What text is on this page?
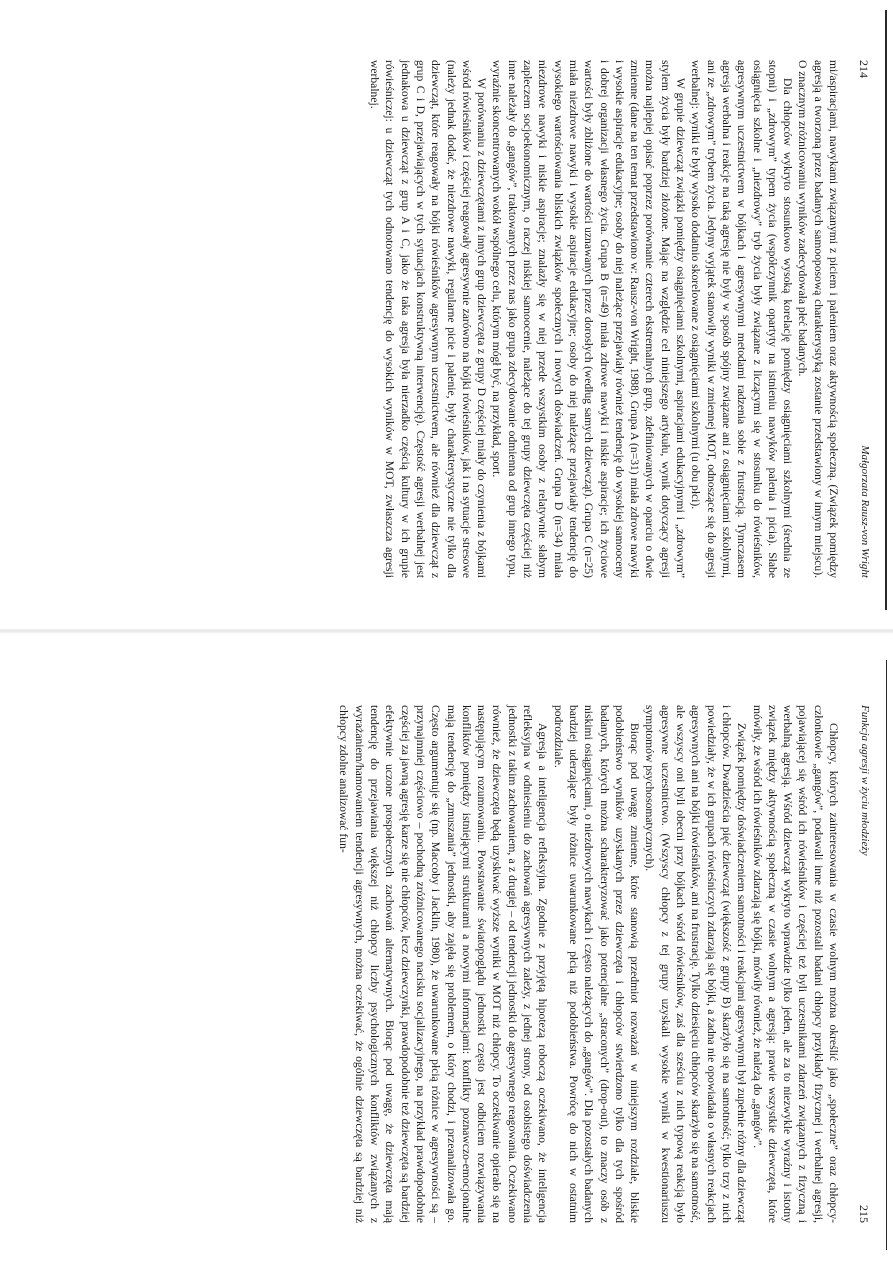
214
Małgorzata Rausz-von Wright

mi/aspiracjami, nawykami związanymi z piciem i paleniem oraz aktywnością społeczną. (Związek pomiędzy agresją a tworzoną przez badanych samooposową charakterystyką zostanie przedstawiony w innym miejscu). O znacznym zróżnicowaniu wyników zadecydowała płeć badanych.

Dla chłopców wykryto stosunkowo wysoką korelację pomiędzy osiągnięciami szkolnymi (średnia ze stopni) i „zdrowym” typem życia (współczynnik opartyty na istnieniu nawyków palenia i picia). Słabe osiągnięcia szkolne i „niezdrowy” tryb życia były związane z liczącymi się w stosunku do rówieśników, agresywnym uczestnictwem w bójkach i agresywnymi metodami radzenia sobie z frustracją. Tymczasem agresja werbalna i reakcje na taką agresję nie były w sposób spójny związane ani z osiągnięciami szkolnymi, ani ze „zdrowym” trybem życia. Jedyny wyjątek stanowiły wyniki w zmiennej MOT, odnoszące się do agresji werbalnej: wyniki te były wysoko dodatnio skorelowane z osiągnięciami szkolnymi (u obu płci).

W grupie dziewcząt związki pomiędzy osiągnięciami szkolnymi, aspiracjami edukacyjnymi i „zdrowym” stylem życia były bardziej złożone. Mając na względzie cel niniejszego artykułu, wynik dotyczący agresji można najlepiej opisać poprzez porównanie czterech ekstremalnych grup, zdefiniowanych w oparciu o dwie zmienne (dane na ten temat przedstawiono w: Rausz-von Wright, 1988). Grupa A (n=31) miała zdrowe nawyki i wysokie aspiracje edukacyjne; osoby do niej należące przejawiały również tendencję do wysokiej samooceny i dobrej organizacji własnego życia. Grupa B (n=49) miała zdrowe nawyki i niskie aspiracje; ich życiowe wartości były zbliżone do wartości uznawanych przez dorosłych (według samych dziewcząt). Grupa C (n=25) miała niezdrowe nawyki i wysokie aspiracje edukacyjne; osoby do niej należące przejawiały tendencję do wysokiego wartościowania bliskich związków społecznych i nowych doświadczeń. Grupa D (n=34) miała niezdrowe nawyki i niskie aspiracje; znalazły się w niej przede wszystkim osoby z relatywnie słabym zapleczem socjoekonomicznym, o raczej niskiej samoocenie, należące do tej grupy dziewczęta częściej niż inne należały do „gangów”, traktowanych przez nas jako grupa zdecydowanie odmienna od grup innego typu, wyraźnie skoncentrowanych wokół wspólnego celu, którym mógł być, na przykład, sport.

W porównaniu z dziewczętami z innych grup dziewczęta z grupy D częściej miały do czynienia z bójkami wśród rówieśników i częściej reagowały agresywnie zarówno na bójki rówieśników, jak i na sytuacje stresowe (należy jednak dodać, że niezdrowe nawyki, regularne picie i palenie, były charakterystyczne nie tylko dla dziewcząt, które reagowały na bójki rówieśników agresywnym uczestnictwem, ale również dla dziewcząt z grup C i D, przejawiających w tych sytuacjach konstruktywną interwencję). Częstość agresji werbalnej jest jednakowa u dziewcząt z grup A i C, jako że taka agresja była nierzadko częścią kultury w ich grupie rówieśniczej: u dziewcząt tych odnotowano tendencję do wysokich wyników w MOT, zwłaszcza agresji werbalnej.

Funkcja agresji w życiu młodzieży
215

Chłopcy, których zainteresowania w czasie wolnym można określić jako „społeczne” oraz chłopcy-członkowie „gangów”, podawali inne niż pozostali badani chłopcy przykłady fizycznej i werbalnej agresji, pojawiającej się wśród ich rówieśników i częściej też byli uczestnikami zdarzeń związanych z fizyczną i werbalną agresją. Wśród dziewcząt wykryto wprawdzie tylko jeden, ale za to niezwykle wyraźny i istotny związek między aktywnością społeczną w czasie wolnym a agresją: prawie wszystkie dziewczęta, które mówiły, że wśród ich rówieśników zdarzają się bójki, mówiły również, że należą do „gangów”.

Związek pomiędzy doświadczeniem samotności i reakcjami agresywnymi był zupełnie różny dla dziewcząt i chłopców. Dwadzieścia pięć dziewcząt (większość z grupy B) skarżyło się na samotność; tylko trzy z nich powiedziały, że w ich grupach rówieśniczych zdarzają się bójki, a żadna nie opowiadała o własnych reakcjach agresywnych ani na bójki rówieśników, ani na frustrację. Tylko dziesięciu chłopców skarżyło się na samotność, ale wszyscy oni byli obecni przy bójkach wśród rówieśników, zaś dla sześciu z nich typową reakcją było agresywne uczestnictwo. (Wszyscy chłopcy z tej grupy uzyskali wysokie wyniki w kwestionariuszu symptomów psychosomatycznych).

Biorąc pod uwagę zmienne, które stanowią przedmiot rozważań w niniejszym rozdziale, bliskie podobieństwo wyników uzyskanych przez dziewczęta i chłopców stwierdzono tylko dla tych spośród badanych, których można scharakteryzować jako potencjalne „straconych” (drop-out), to znaczy osób z niskimi osiągnięciami, o niezdrowych nawykach i często należących do „gangów”. Dla pozostałych badanych bardziej uderzające były różnice uwarunkowane płcią niż podobieństwa. Powrócę do nich w ostatnim podrozdziale.

Agresja a inteligencja refleksyjna. Zgodnie z przyjętą hipotezą roboczą oczekiwano, że inteligencja refleksyjna w odniesieniu do zachowań agresywnych zależy, z jednej strony, od osobistego doświadczenia jednostki z takim zachowaniem, a z drugiej – od tendencji jednostki do agresywnego reagowania. Oczekiwano również, że dziewczęta będą uzyskiwać wyższe wyniki w MOT niż chłopcy. To oczekiwanie opierało się na następującym rozumowaniu. Powstawanie światopoglądu jednostki często jest odbiciem rozwiązywania konfliktów pomiędzy istniejącymi strukturami a nowymi informacjami: konflikty poznawczo-emocjonalne mają tendencję do „zmuszania” jednostki, aby zajęła się problemem, o który chodzi, i przeanalizowała go. Często argumentuje się (np. Maccoby i Jacklin, 1980), że uwarunkowane płcią różnice w agresywności są – przynajmniej częściowo – pochodną zróżnicowanego nacisku socjalizacyjnego, na przykład prawdopodobnie częściej za jawną agresję karze się nie chłopców, lecz dziewczynki, prawdopodobnie też dziewczęta są bardziej efektywnie uczone prospołecznych zachowań alternatywnych. Biorąc pod uwagę, że dziewczęta mają tendencję do przejawiania większej niż chłopcy liczby psychologicznych konfliktów związanych z wyrażaniem/hamowaniem tendencji agresywnych, można oczekiwać, że ogólnie dziewczęta są bardziej niż chłopcy zdolne analizować fun-
